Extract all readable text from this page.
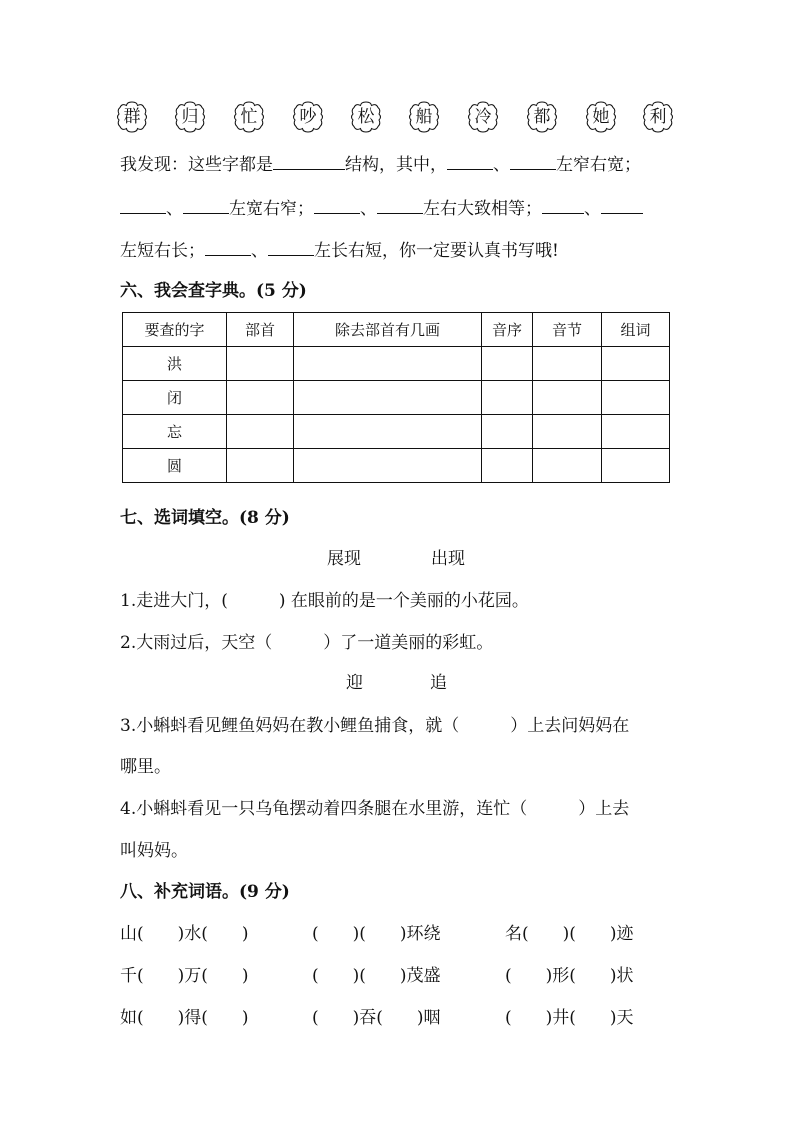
群	归	忙	吵	松	船	冷	都	她	利
我发现：这些字都是	结构，其中，	、	左窄右宽；
、	左宽右窄；	、	左右大致相等； 、
左短右长；	、	左长右短，你一定要认真书写哦!
六、我会查字典。(5 分)
要查的字	部首	除去部首有几画	音序	音节	组词
洪					
闭					
忘					
圆					
七、选词填空。(8 分)
展现	出现
1.走进大门，(　　　) 在眼前的是一个美丽的小花园。
2.大雨过后，天空（　　　）了一道美丽的彩虹。
迎	追
3.小蝌蚪看见鲤鱼妈妈在教小鲤鱼捕食，就（　　　）上去问妈妈在
哪里。
4.小蝌蚪看见一只乌龟摆动着四条腿在水里游，连忙（　　　）上去
叫妈妈。
八、补充词语。(9 分)
山(　　)水(　　)	(　　)(　　)环绕	名(　　)(　　)迹
千(　　)万(　　)	(　　)(　　)茂盛	(　　)形(　　)状
如(　　)得(　　)	(　　)吞(　　)咽	(　　)井(　　)天
